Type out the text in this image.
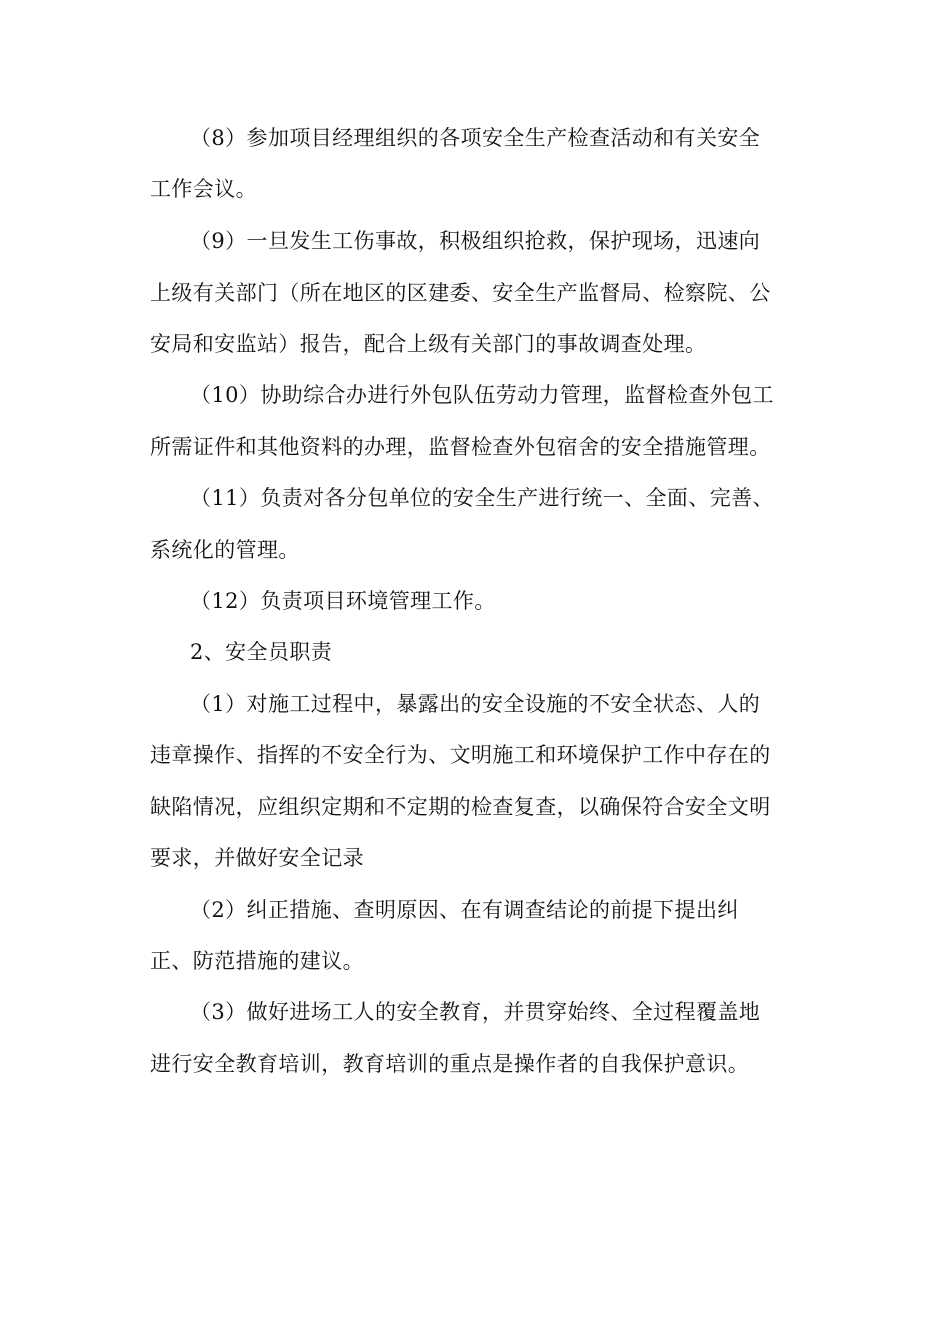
（8）参加项目经理组织的各项安全生产检查活动和有关安全
工作会议。
（9）一旦发生工伤事故，积极组织抢救，保护现场，迅速向
上级有关部门（所在地区的区建委、安全生产监督局、检察院、公
安局和安监站）报告，配合上级有关部门的事故调查处理。
（10）协助综合办进行外包队伍劳动力管理，监督检查外包工
所需证件和其他资料的办理，监督检查外包宿舍的安全措施管理。
（11）负责对各分包单位的安全生产进行统一、全面、完善、
系统化的管理。
（12）负责项目环境管理工作。
2、安全员职责
（1）对施工过程中，暴露出的安全设施的不安全状态、人的
违章操作、指挥的不安全行为、文明施工和环境保护工作中存在的
缺陷情况，应组织定期和不定期的检查复查，以确保符合安全文明
要求，并做好安全记录
（2）纠正措施、查明原因、在有调查结论的前提下提出纠
正、防范措施的建议。
（3）做好进场工人的安全教育，并贯穿始终、全过程覆盖地
进行安全教育培训，教育培训的重点是操作者的自我保护意识。
